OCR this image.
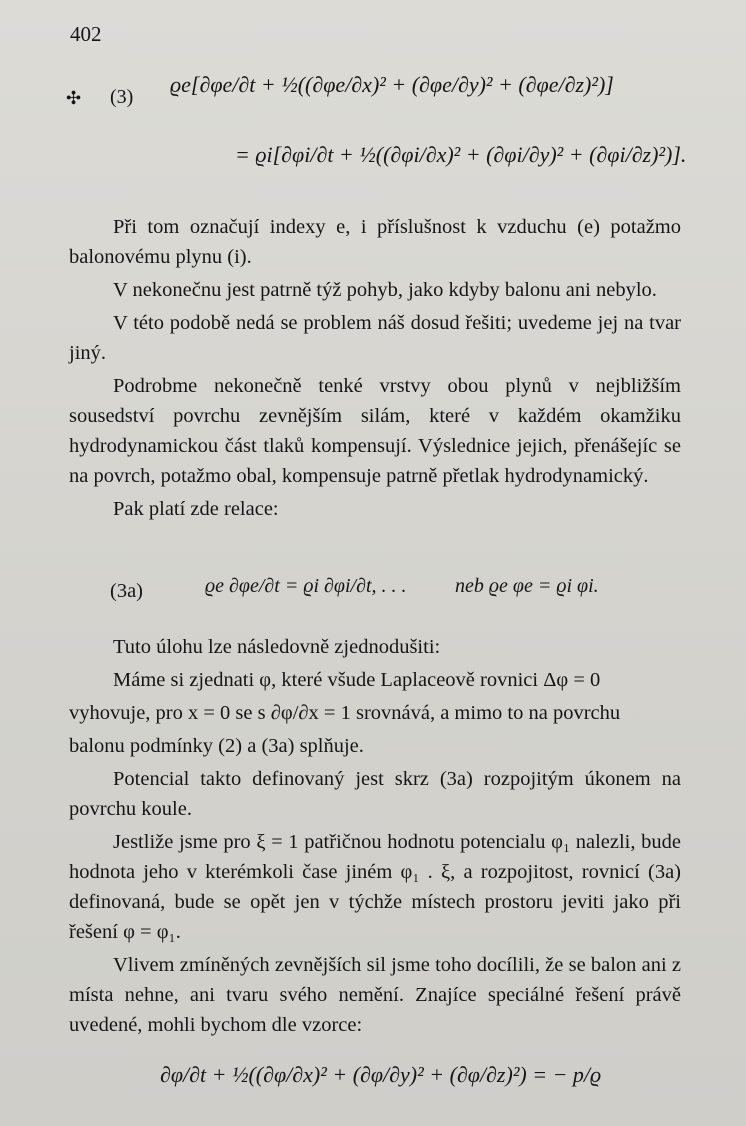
402
✣ (3) ϱe[∂φe/∂t + ½((∂φe/∂x)² + (∂φe/∂y)² + (∂φe/∂z)²)]
= ϱi[∂φi/∂t + ½((∂φi/∂x)² + (∂φi/∂y)² + (∂φi/∂z)²)].

Při tom označují indexy e, i příslušnost k vzduchu (e) potažmo balonovému plynu (i).

V nekonečnu jest patrně týž pohyb, jako kdyby balonu ani nebylo.

V této podobě nedá se problem náš dosud řešiti; uvedeme jej na tvar jiný.

Podrobme nekonečně tenké vrstvy obou plynů v nejbližším sousedství povrchu zevnějším silám, které v každém okamžiku hydrodynamickou část tlaků kompensují. Výslednice jejich, přenášejíc se na povrch, potažmo obal, kompensuje patrně přetlak hydrodynamický.

Pak platí zde relace:

(3a)	ϱe ∂φe/∂t = ϱi ∂φi/∂t, . . . neb ϱe φe = ϱi φi.

Tuto úlohu lze následovně zjednodušiti:

Máme si zjednati φ, které všude Laplaceově rovnici Δφ = 0

vyhovuje, pro x = 0 se s ∂φ/∂x = 1 srovnává, a mimo to na povrchu

balonu podmínky (2) a (3a) splňuje.

Potencial takto definovaný jest skrz (3a) rozpojitým úkonem na povrchu koule.

Jestliže jsme pro ξ = 1 patřičnou hodnotu potencialu φ₁ nalezli, bude hodnota jeho v kterémkoli čase jiném φ₁ . ξ, a rozpojitost, rovnicí (3a) definovaná, bude se opět jen v týchže místech prostoru jeviti jako při řešení φ = φ₁.

Vlivem zmíněných zevnějších sil jsme toho docílili, že se balon ani z místa nehne, ani tvaru svého nemění. Znajíce speciálné řešení právě uvedené, mohli bychom dle vzorce:

∂φ/∂t + ½((∂φ/∂x)² + (∂φ/∂y)² + (∂φ/∂z)²) = − p/ϱ
